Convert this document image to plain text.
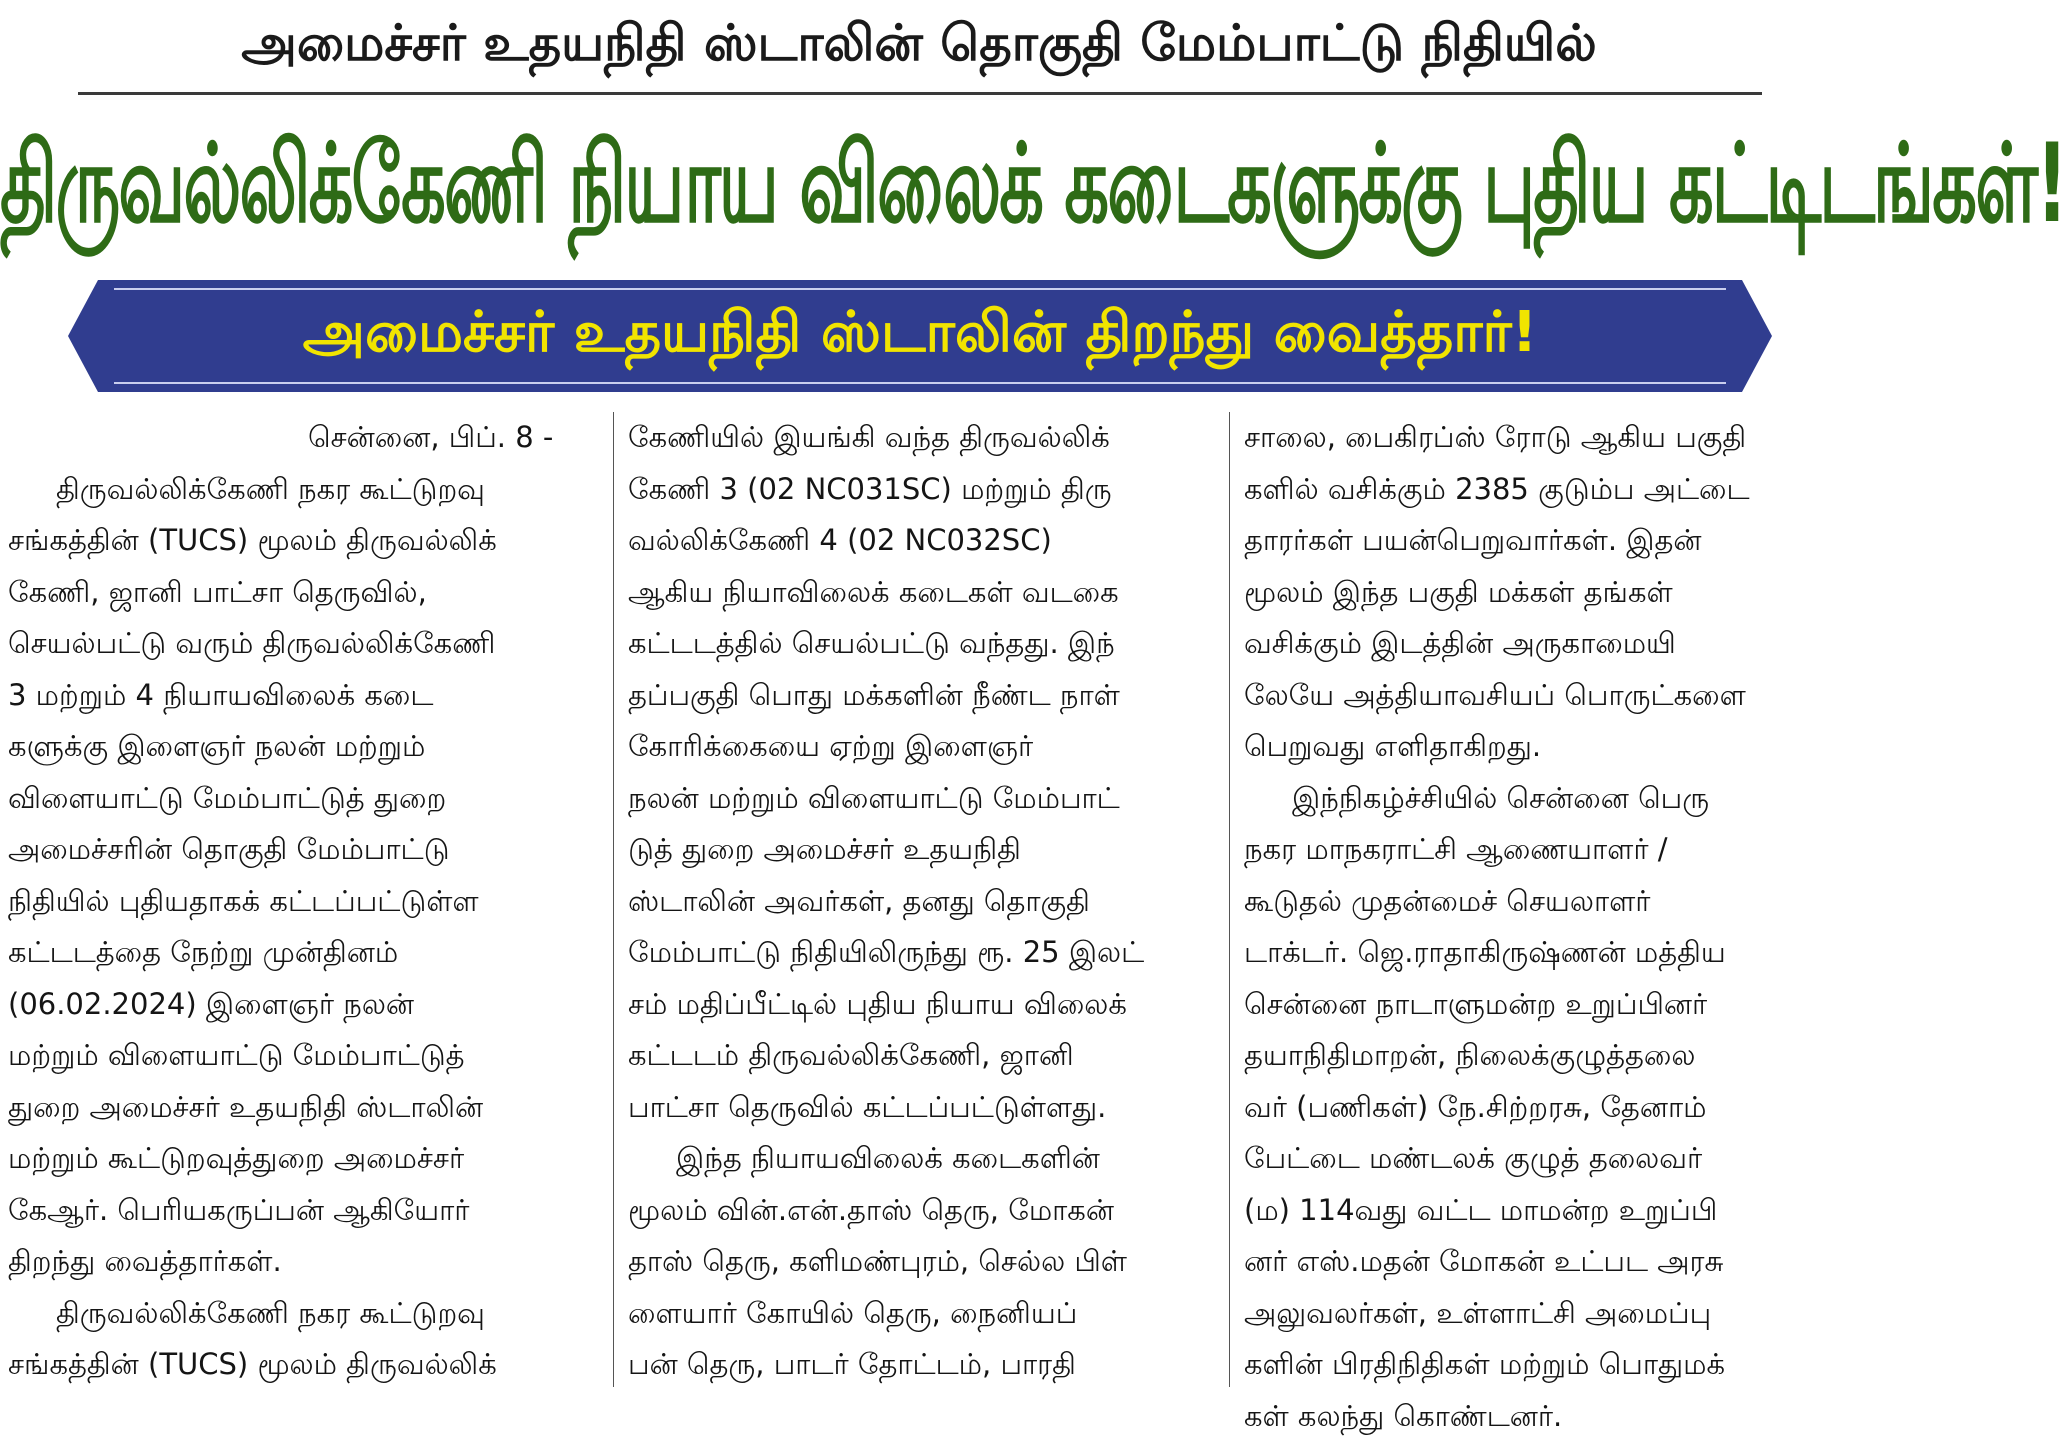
அமைச்சர் உதயநிதி ஸ்டாலின் தொகுதி மேம்பாட்டு நிதியில்
திருவல்லிக்கேணி நியாய விலைக் கடைகளுக்கு புதிய கட்டிடங்கள்!
அமைச்சர் உதயநிதி ஸ்டாலின் திறந்து வைத்தார்!
சென்னை, பிப். 8 -
திருவல்லிக்கேணி நகர கூட்டுறவு
சங்கத்தின் (TUCS) மூலம் திருவல்லிக்
கேணி, ஜானி பாட்சா தெருவில்,
செயல்பட்டு வரும் திருவல்லிக்கேணி
3 மற்றும் 4 நியாயவிலைக் கடை
களுக்கு இளைஞர் நலன் மற்றும்
விளையாட்டு மேம்பாட்டுத் துறை
அமைச்சரின் தொகுதி மேம்பாட்டு
நிதியில் புதியதாகக் கட்டப்பட்டுள்ள
கட்டடத்தை நேற்று முன்தினம்
(06.02.2024) இளைஞர் நலன்
மற்றும் விளையாட்டு மேம்பாட்டுத்
துறை அமைச்சர் உதயநிதி ஸ்டாலின்
மற்றும் கூட்டுறவுத்துறை அமைச்சர்
கேஆர். பெரியகருப்பன் ஆகியோர்
திறந்து வைத்தார்கள்.
திருவல்லிக்கேணி நகர கூட்டுறவு
சங்கத்தின் (TUCS) மூலம் திருவல்லிக்
கேணியில் இயங்கி வந்த திருவல்லிக்
கேணி 3 (02 NC031SC) மற்றும் திரு
வல்லிக்கேணி 4 (02 NC032SC)
ஆகிய நியாவிலைக் கடைகள் வடகை
கட்டடத்தில் செயல்பட்டு வந்தது. இந்
தப்பகுதி பொது மக்களின் நீண்ட நாள்
கோரிக்கையை ஏற்று இளைஞர்
நலன் மற்றும் விளையாட்டு மேம்பாட்
டுத் துறை அமைச்சர் உதயநிதி
ஸ்டாலின் அவர்கள், தனது தொகுதி
மேம்பாட்டு நிதியிலிருந்து ரூ. 25 இலட்
சம் மதிப்பீட்டில் புதிய நியாய விலைக்
கட்டடம் திருவல்லிக்கேணி, ஜானி
பாட்சா தெருவில் கட்டப்பட்டுள்ளது.
இந்த நியாயவிலைக் கடைகளின்
மூலம் வின்.என்.தாஸ் தெரு, மோகன்
தாஸ் தெரு, களிமண்புரம், செல்ல பிள்
ளையார் கோயில் தெரு, நைனியப்
பன் தெரு, பாடர் தோட்டம், பாரதி
சாலை, பைகிரப்ஸ் ரோடு ஆகிய பகுதி
களில் வசிக்கும் 2385 குடும்ப அட்டை
தாரர்கள் பயன்பெறுவார்கள். இதன்
மூலம் இந்த பகுதி மக்கள் தங்கள்
வசிக்கும் இடத்தின் அருகாமையி
லேயே அத்தியாவசியப் பொருட்களை
பெறுவது எளிதாகிறது.
இந்நிகழ்ச்சியில் சென்னை பெரு
நகர மாநகராட்சி ஆணையாளர் /
கூடுதல் முதன்மைச் செயலாளர்
டாக்டர். ஜெ.ராதாகிருஷ்ணன் மத்திய
சென்னை நாடாளுமன்ற உறுப்பினர்
தயாநிதிமாறன், நிலைக்குழுத்தலை
வர் (பணிகள்) நே.சிற்றரசு, தேனாம்
பேட்டை மண்டலக் குழுத் தலைவர்
(ம) 114வது வட்ட மாமன்ற உறுப்பி
னர் எஸ்.மதன் மோகன் உட்பட அரசு
அலுவலர்கள், உள்ளாட்சி அமைப்பு
களின் பிரதிநிதிகள் மற்றும் பொதுமக்
கள் கலந்து கொண்டனர்.
